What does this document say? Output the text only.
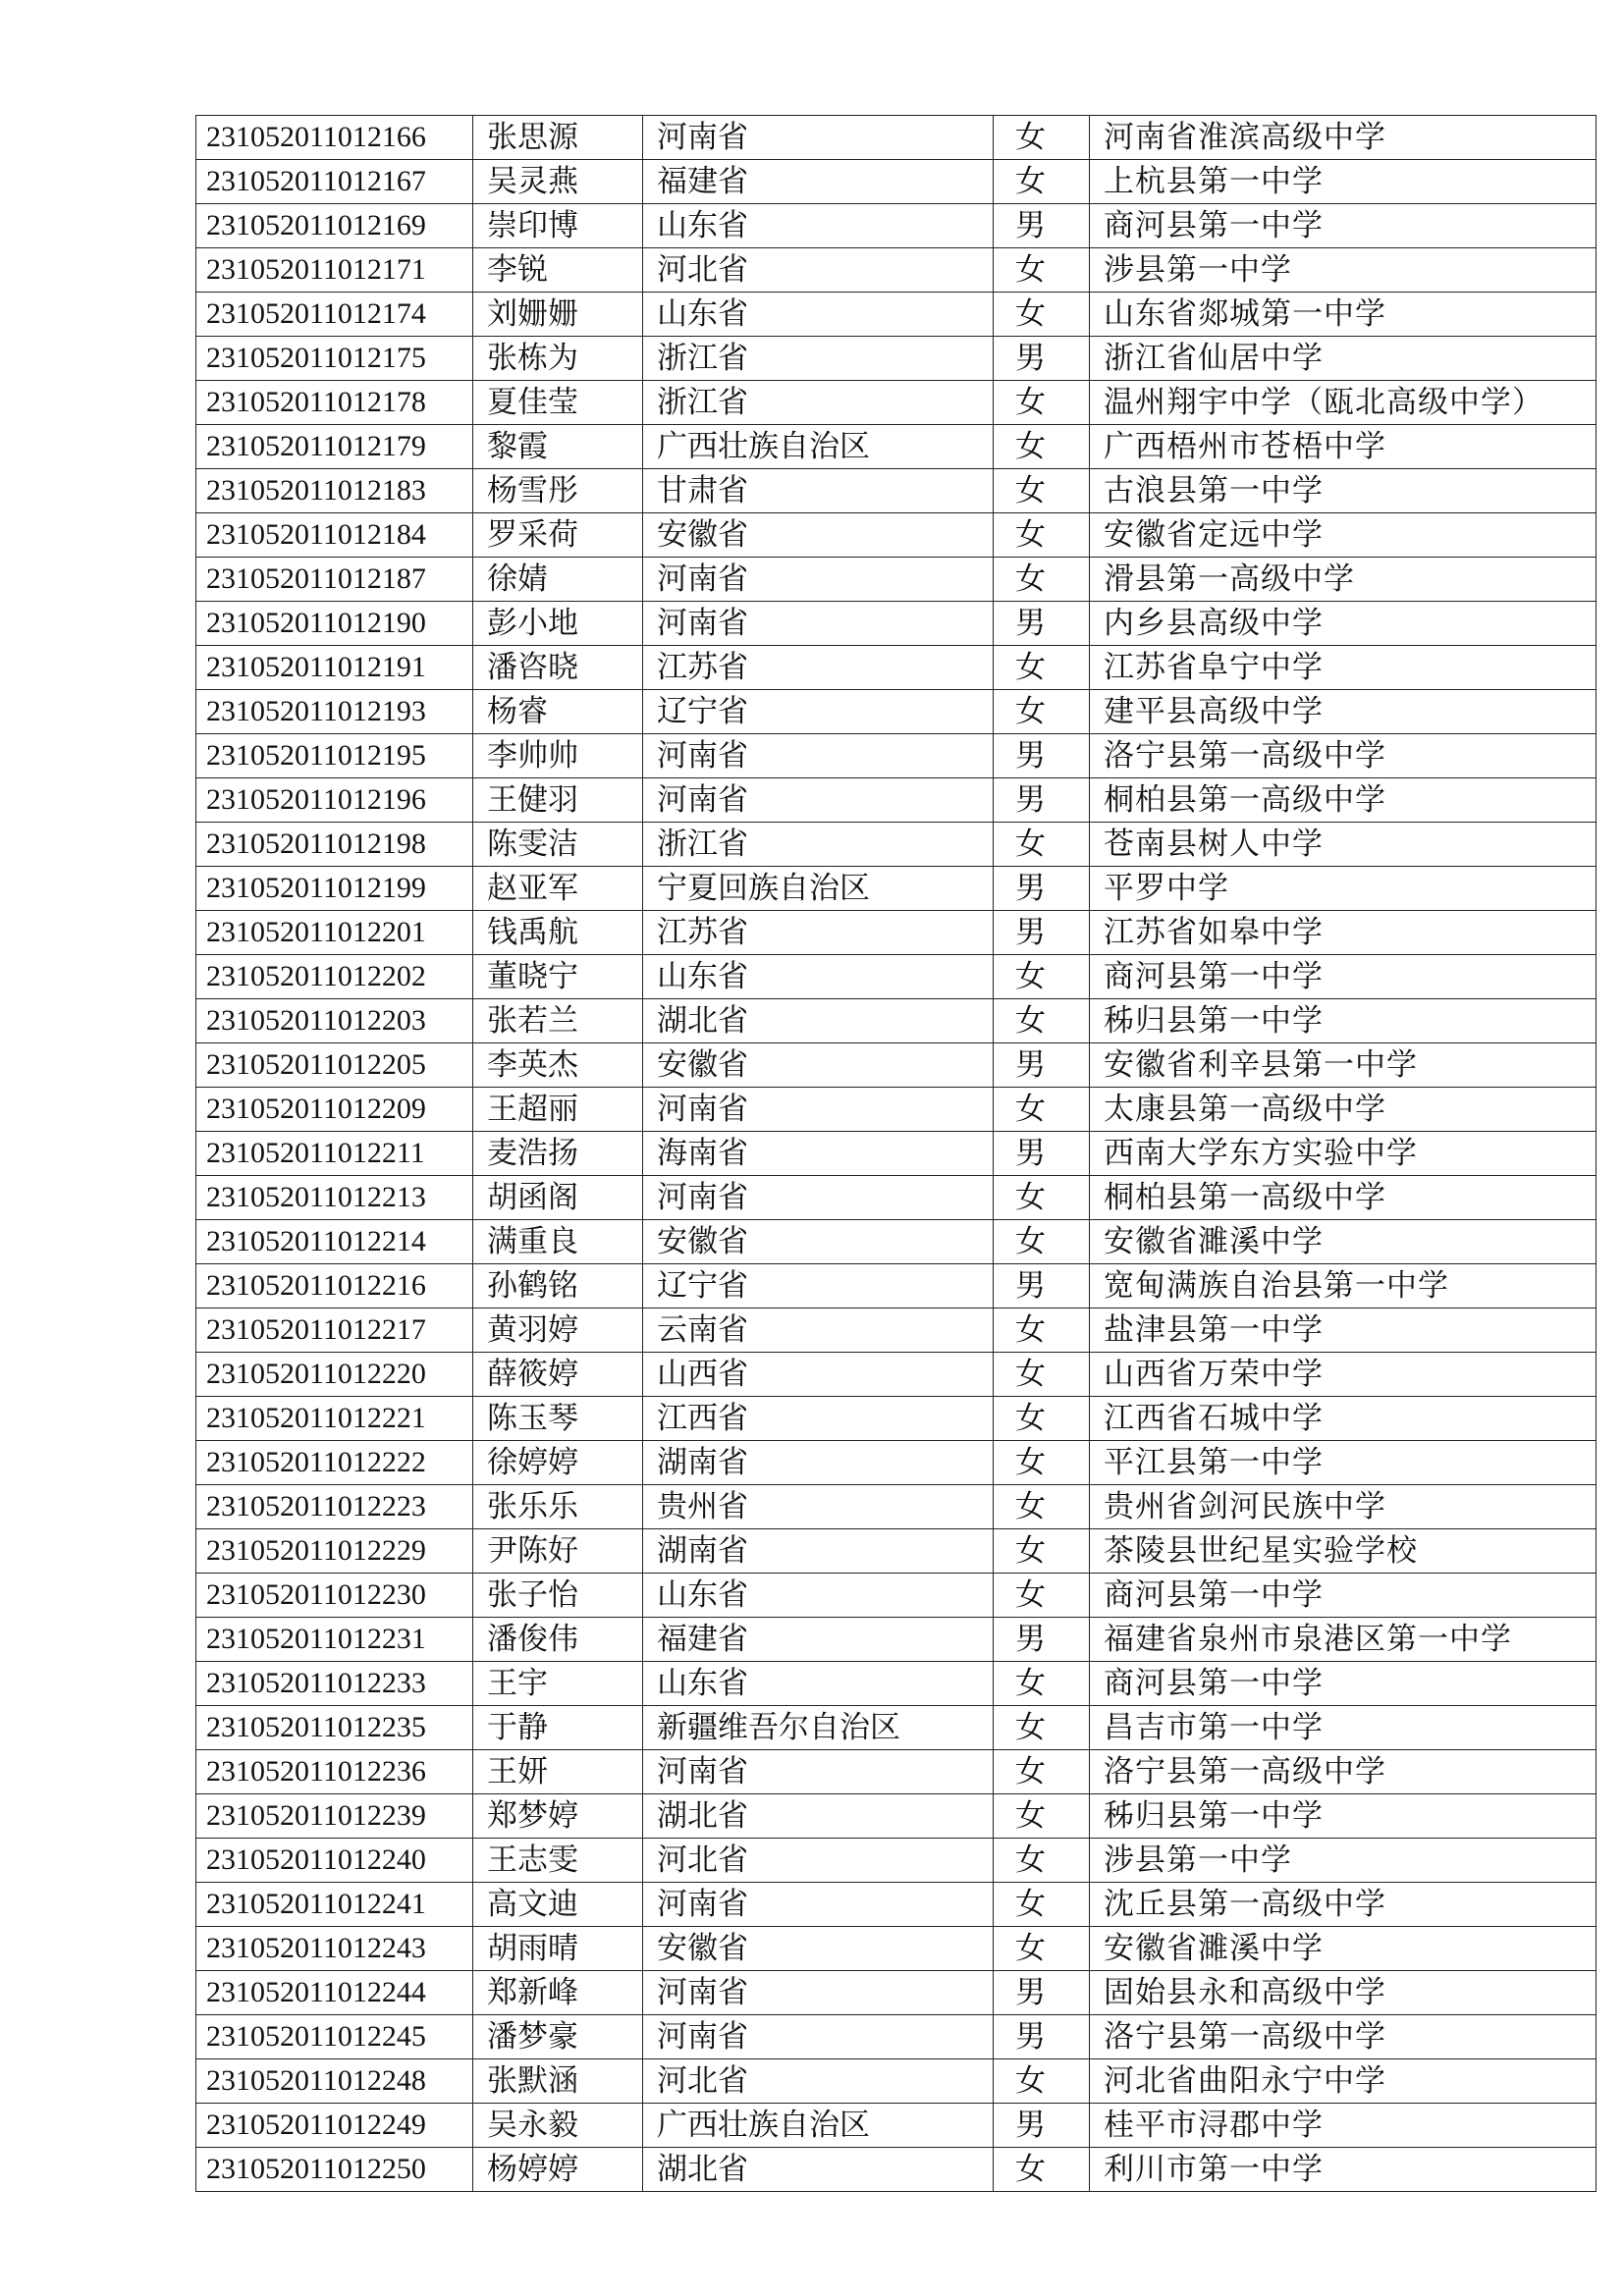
231052011012166	张思源	河南省	女	河南省淮滨高级中学
231052011012167	吴灵燕	福建省	女	上杭县第一中学
231052011012169	崇印博	山东省	男	商河县第一中学
231052011012171	李锐	河北省	女	涉县第一中学
231052011012174	刘姗姗	山东省	女	山东省郯城第一中学
231052011012175	张栋为	浙江省	男	浙江省仙居中学
231052011012178	夏佳莹	浙江省	女	温州翔宇中学（瓯北高级中学）
231052011012179	黎霞	广西壮族自治区	女	广西梧州市苍梧中学
231052011012183	杨雪彤	甘肃省	女	古浪县第一中学
231052011012184	罗采荷	安徽省	女	安徽省定远中学
231052011012187	徐婧	河南省	女	滑县第一高级中学
231052011012190	彭小地	河南省	男	内乡县高级中学
231052011012191	潘咨晓	江苏省	女	江苏省阜宁中学
231052011012193	杨睿	辽宁省	女	建平县高级中学
231052011012195	李帅帅	河南省	男	洛宁县第一高级中学
231052011012196	王健羽	河南省	男	桐柏县第一高级中学
231052011012198	陈雯洁	浙江省	女	苍南县树人中学
231052011012199	赵亚军	宁夏回族自治区	男	平罗中学
231052011012201	钱禹航	江苏省	男	江苏省如皋中学
231052011012202	董晓宁	山东省	女	商河县第一中学
231052011012203	张若兰	湖北省	女	秭归县第一中学
231052011012205	李英杰	安徽省	男	安徽省利辛县第一中学
231052011012209	王超丽	河南省	女	太康县第一高级中学
231052011012211	麦浩扬	海南省	男	西南大学东方实验中学
231052011012213	胡函阁	河南省	女	桐柏县第一高级中学
231052011012214	满重良	安徽省	女	安徽省濉溪中学
231052011012216	孙鹤铭	辽宁省	男	宽甸满族自治县第一中学
231052011012217	黄羽婷	云南省	女	盐津县第一中学
231052011012220	薛筱婷	山西省	女	山西省万荣中学
231052011012221	陈玉琴	江西省	女	江西省石城中学
231052011012222	徐婷婷	湖南省	女	平江县第一中学
231052011012223	张乐乐	贵州省	女	贵州省剑河民族中学
231052011012229	尹陈好	湖南省	女	茶陵县世纪星实验学校
231052011012230	张子怡	山东省	女	商河县第一中学
231052011012231	潘俊伟	福建省	男	福建省泉州市泉港区第一中学
231052011012233	王宇	山东省	女	商河县第一中学
231052011012235	于静	新疆维吾尔自治区	女	昌吉市第一中学
231052011012236	王妍	河南省	女	洛宁县第一高级中学
231052011012239	郑梦婷	湖北省	女	秭归县第一中学
231052011012240	王志雯	河北省	女	涉县第一中学
231052011012241	高文迪	河南省	女	沈丘县第一高级中学
231052011012243	胡雨晴	安徽省	女	安徽省濉溪中学
231052011012244	郑新峰	河南省	男	固始县永和高级中学
231052011012245	潘梦豪	河南省	男	洛宁县第一高级中学
231052011012248	张默涵	河北省	女	河北省曲阳永宁中学
231052011012249	吴永毅	广西壮族自治区	男	桂平市浔郡中学
231052011012250	杨婷婷	湖北省	女	利川市第一中学
